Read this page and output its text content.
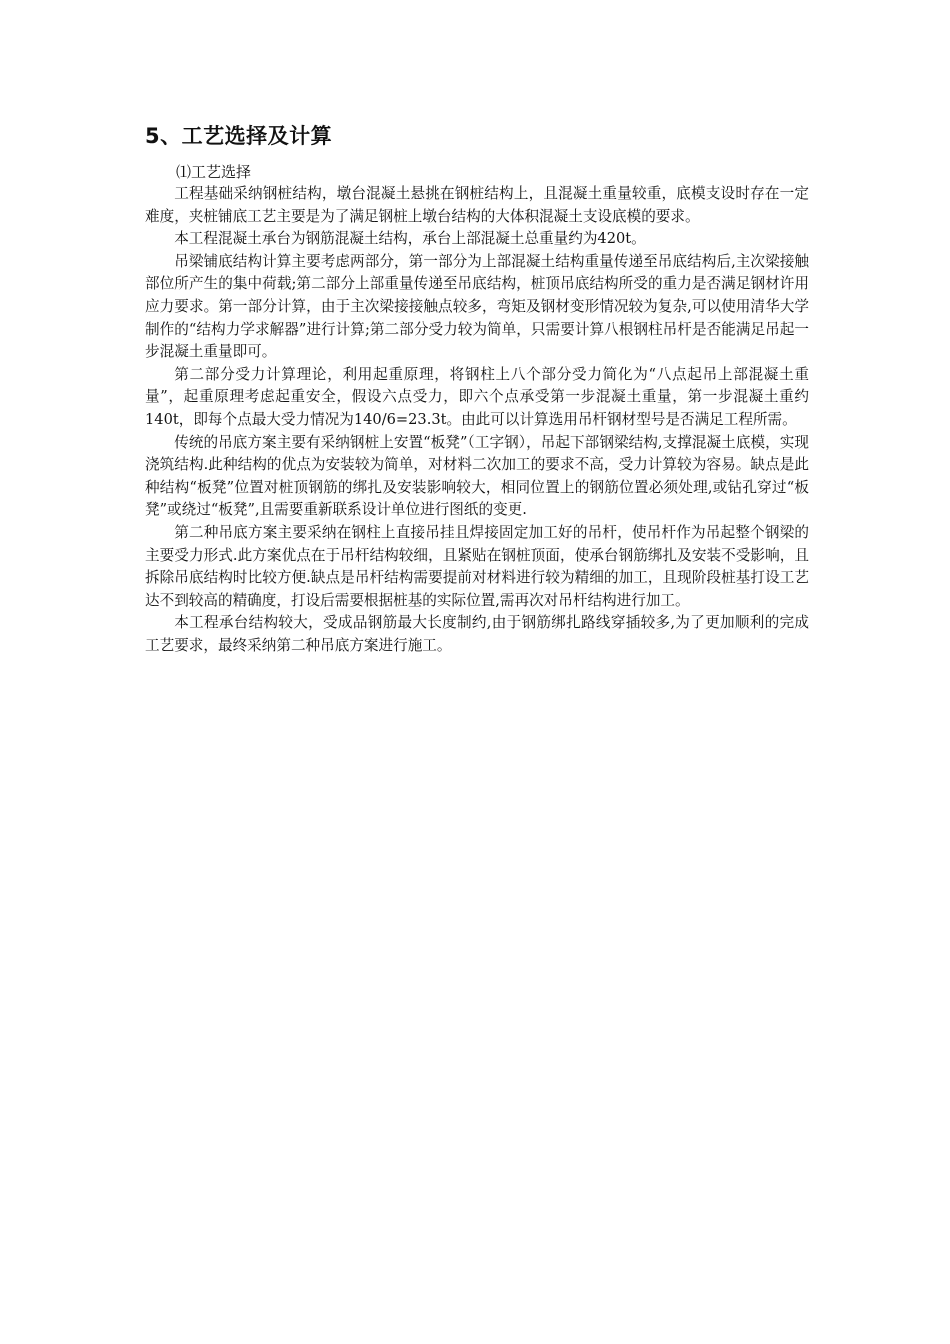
5、工艺选择及计算
⑴工艺选择

工程基础采纳钢桩结构，墩台混凝土悬挑在钢桩结构上，且混凝土重量较重，底模支设时存在一定难度，夹桩铺底工艺主要是为了满足钢桩上墩台结构的大体积混凝土支设底模的要求。

本工程混凝土承台为钢筋混凝土结构，承台上部混凝土总重量约为420t。

吊梁铺底结构计算主要考虑两部分，第一部分为上部混凝土结构重量传递至吊底结构后,主次梁接触部位所产生的集中荷载;第二部分上部重量传递至吊底结构，桩顶吊底结构所受的重力是否满足钢材许用应力要求。第一部分计算，由于主次梁接接触点较多，弯矩及钢材变形情况较为复杂,可以使用清华大学制作的“结构力学求解器”进行计算;第二部分受力较为简单，只需要计算八根钢柱吊杆是否能满足吊起一步混凝土重量即可。

第二部分受力计算理论，利用起重原理，将钢柱上八个部分受力简化为“八点起吊上部混凝土重量”，起重原理考虑起重安全，假设六点受力，即六个点承受第一步混凝土重量，第一步混凝土重约140t，即每个点最大受力情况为140/6=23.3t。由此可以计算选用吊杆钢材型号是否满足工程所需。

传统的吊底方案主要有采纳钢桩上安置“板凳”（工字钢），吊起下部钢梁结构,支撑混凝土底模，实现浇筑结构.此种结构的优点为安装较为简单，对材料二次加工的要求不高，受力计算较为容易。缺点是此种结构“板凳”位置对桩顶钢筋的绑扎及安装影响较大，相同位置上的钢筋位置必须处理,或钻孔穿过“板凳”或绕过“板凳”,且需要重新联系设计单位进行图纸的变更.

第二种吊底方案主要采纳在钢柱上直接吊挂且焊接固定加工好的吊杆，使吊杆作为吊起整个钢梁的主要受力形式.此方案优点在于吊杆结构较细，且紧贴在钢桩顶面，使承台钢筋绑扎及安装不受影响，且拆除吊底结构时比较方便.缺点是吊杆结构需要提前对材料进行较为精细的加工，且现阶段桩基打设工艺达不到较高的精确度，打设后需要根据桩基的实际位置,需再次对吊杆结构进行加工。

本工程承台结构较大，受成品钢筋最大长度制约,由于钢筋绑扎路线穿插较多,为了更加顺利的完成工艺要求，最终采纳第二种吊底方案进行施工。
